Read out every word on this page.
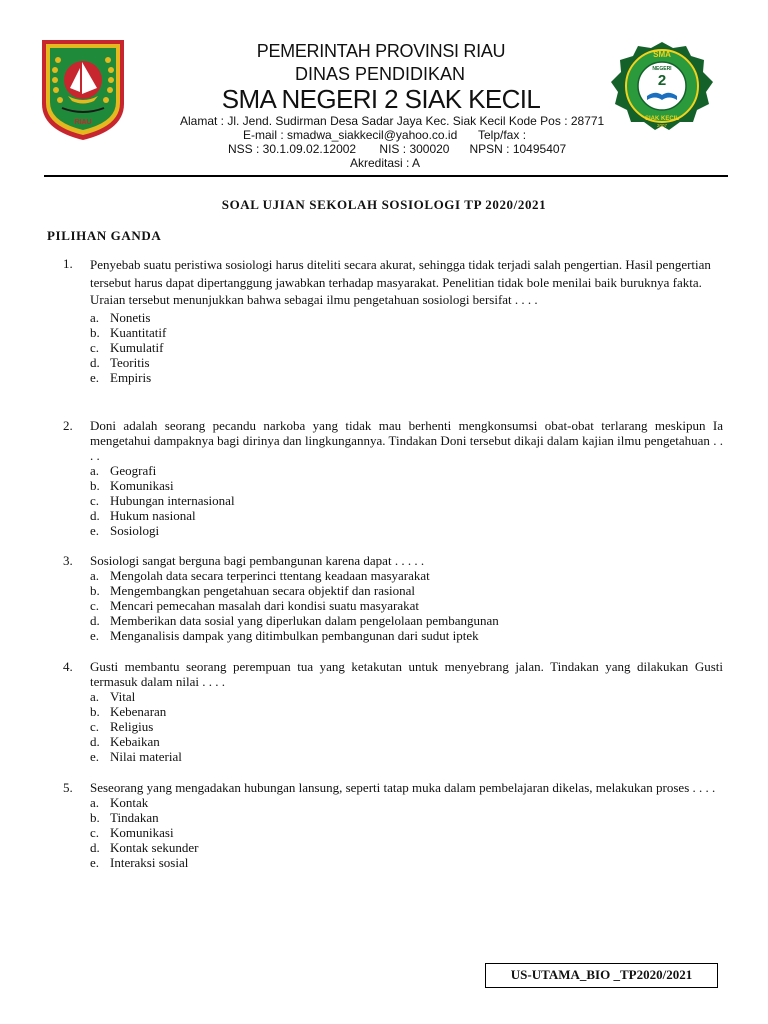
RIAU
PEMERINTAH PROVINSI RIAU
DINAS PENDIDIKAN
SMA NEGERI 2 SIAK KECIL
Alamat : Jl. Jend. Sudirman Desa Sadar Jaya Kec. Siak Kecil Kode Pos : 28771
E-mail : smadwa_siakkecil@yahoo.co.id Telp/fax :
NSS : 30.1.09.02.12002       NIS : 300020      NPSN : 10495407
Akreditasi : A
SMA
NEGERI
2
SIAK KECIL
2007
SOAL UJIAN SEKOLAH SOSIOLOGI TP 2020/2021
PILIHAN GANDA
1. Penyebab suatu peristiwa sosiologi harus diteliti secara akurat, sehingga tidak terjadi salah pengertian. Hasil pengertian tersebut harus dapat dipertanggung jawabkan terhadap masyarakat. Penelitian tidak bole menilai baik buruknya fakta. Uraian tersebut menunjukkan bahwa sebagai ilmu pengetahuan sosiologi bersifat . . . .
a. Nonetis
b. Kuantitatif
c. Kumulatif
d. Teoritis
e. Empiris
2. Doni adalah seorang pecandu narkoba yang tidak mau berhenti mengkonsumsi obat-obat terlarang meskipun Ia mengetahui dampaknya bagi dirinya dan lingkungannya. Tindakan Doni tersebut dikaji dalam kajian ilmu pengetahuan . . . .
a. Geografi
b. Komunikasi
c. Hubungan internasional
d. Hukum nasional
e. Sosiologi
3. Sosiologi sangat berguna bagi pembangunan karena dapat . . . . .
a. Mengolah data secara terperinci ttentang keadaan masyarakat
b. Mengembangkan pengetahuan secara objektif dan rasional
c. Mencari pemecahan masalah dari kondisi suatu masyarakat
d. Memberikan data sosial yang diperlukan dalam pengelolaan pembangunan
e. Menganalisis dampak yang ditimbulkan pembangunan dari sudut iptek
4. Gusti membantu seorang perempuan tua yang ketakutan untuk menyebrang jalan. Tindakan yang dilakukan Gusti termasuk dalam nilai . . . .
a. Vital
b. Kebenaran
c. Religius
d. Kebaikan
e. Nilai material
5. Seseorang yang mengadakan hubungan lansung, seperti tatap muka dalam pembelajaran dikelas, melakukan proses . . . .
a. Kontak
b. Tindakan
c. Komunikasi
d. Kontak sekunder
e. Interaksi sosial
US-UTAMA_BIO _TP2020/2021
